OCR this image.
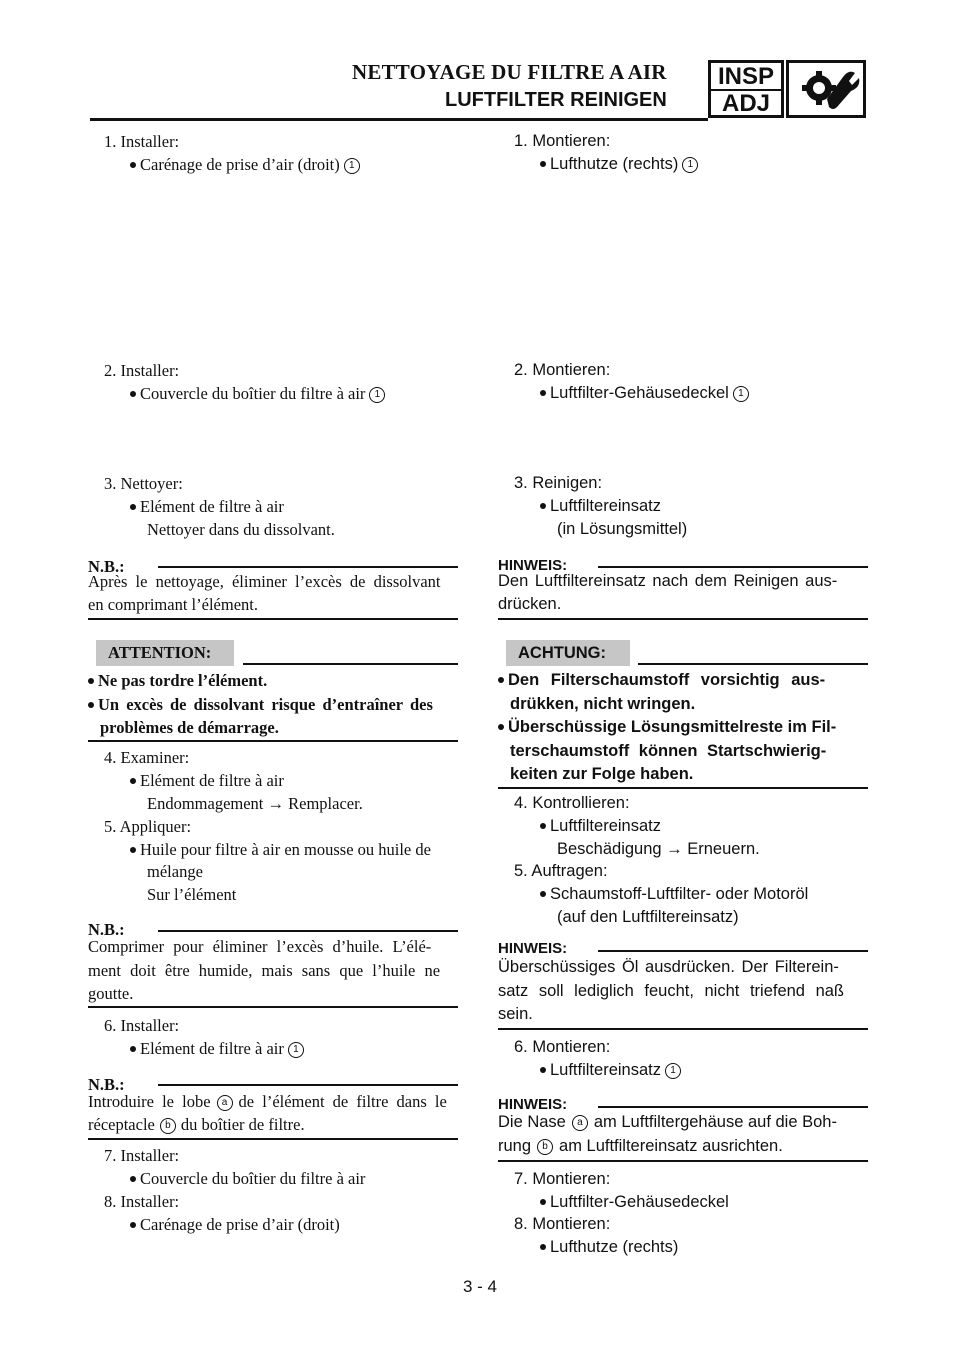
NETTOYAGE DU FILTRE A AIR
LUFTFILTER REINIGEN
INSP
ADJ
1. Installer:
Carénage de prise d’air (droit) 1
2. Installer:
Couvercle du boîtier du filtre à air 1
3. Nettoyer:
Elément de filtre à air
Nettoyer dans du dissolvant.
N.B.:
Après le nettoyage, éliminer l’excès de dissolvant
en comprimant l’élément.
ATTENTION:
Ne pas tordre l’élément.
Un excès de dissolvant risque d’entraîner des
problèmes de démarrage.
4. Examiner:
Elément de filtre à air
Endommagement → Remplacer.
5. Appliquer:
Huile pour filtre à air en mousse ou huile de
mélange
Sur l’élément
N.B.:
Comprimer pour éliminer l’excès d’huile. L’élé-
ment doit être humide, mais sans que l’huile ne
goutte.
6. Installer:
Elément de filtre à air 1
N.B.:
Introduire le lobe a de l’élément de filtre dans le
réceptacle b du boîtier de filtre.
7. Installer:
Couvercle du boîtier du filtre à air
8. Installer:
Carénage de prise d’air (droit)
1. Montieren:
Lufthutze (rechts) 1
2. Montieren:
Luftfilter-Gehäusedeckel 1
3. Reinigen:
Luftfiltereinsatz
(in Lösungsmittel)
HINWEIS:
Den Luftfiltereinsatz nach dem Reinigen aus-
drücken.
ACHTUNG:
Den Filterschaumstoff vorsichtig aus-
drükken, nicht wringen.
Überschüssige Lösungsmittelreste im Fil-
terschaumstoff können Startschwierig-
keiten zur Folge haben.
4. Kontrollieren:
Luftfiltereinsatz
Beschädigung → Erneuern.
5. Auftragen:
Schaumstoff-Luftfilter- oder Motoröl
(auf den Luftfiltereinsatz)
HINWEIS:
Überschüssiges Öl ausdrücken. Der Filterein-
satz soll lediglich feucht, nicht triefend naß
sein.
6. Montieren:
Luftfiltereinsatz 1
HINWEIS:
Die Nase a am Luftfiltergehäuse auf die Boh-
rung b am Luftfiltereinsatz ausrichten.
7. Montieren:
Luftfilter-Gehäusedeckel
8. Montieren:
Lufthutze (rechts)
3 - 4
